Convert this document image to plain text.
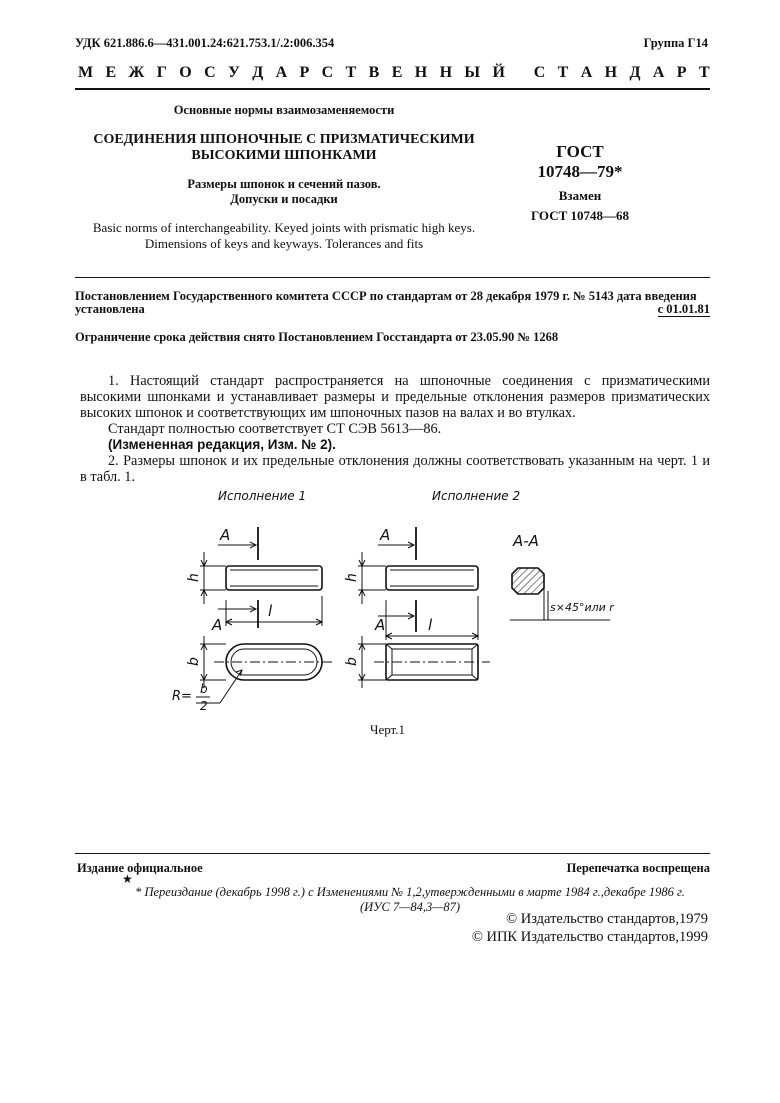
УДК 621.886.6—431.001.24:621.753.1/.2:006.354	Группа Г14
М Е Ж Г О С У Д А Р С Т В Е Н Н Ы Й
С Т А Н Д А Р Т
Основные нормы взаимозаменяемости
СОЕДИНЕНИЯ ШПОНОЧНЫЕ С ПРИЗМАТИЧЕСКИМИ
ВЫСОКИМИ ШПОНКАМИ
Размеры шпонок и сечений пазов.
Допуски и посадки
Basic norms of interchangeability. Keyed joints with prismatic high keys.
Dimensions of keys and keyways. Tolerances and fits
ГОСТ
10748—79*
Взамен
ГОСТ 10748—68
Постановлением Государственного комитета СССР по стандартам от 28 декабря 1979 г. № 5143 дата введения
установлена	с 01.01.81
Ограничение срока действия снято Постановлением Госстандарта от 23.05.90 № 1268

1. Настоящий стандарт распространяется на шпоночные соединения с призматическими высокими шпонками и устанавливает размеры и предельные отклонения размеров призматических высоких шпонок и соответствующих им шпоночных пазов на валах и во втулках.

Стандарт полностью соответствует СТ СЭВ 5613—86.

(Измененная редакция, Изм. № 2).

2. Размеры шпонок и их предельные отклонения должны соответствовать указанным на черт. 1 и в табл. 1.

Исполнение 1	Исполнение 2
А-А
А
А
А
А
h	h
l
l
b	b
R= b
2
s×45°или r
Черт.1
Издание официальное	Перепечатка воспрещена
★
* Переиздание (декабрь 1998 г.) с Изменениями № 1,2,утвержденными в марте 1984 г.,декабре 1986 г.
(ИУС 7—84,3—87)
© Издательство стандартов,1979
© ИПК Издательство стандартов,1999
